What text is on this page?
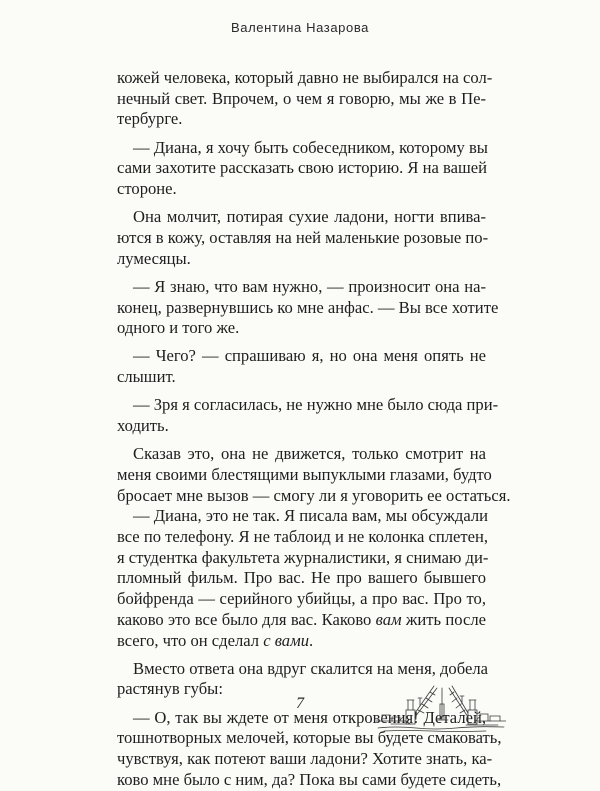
Валентина Назарова

кожей человека, который давно не выбирался на сол-
нечный свет. Впрочем, о чем я говорю, мы же в Пе-
тербурге.

— Диана, я хочу быть собеседником, которому вы
сами захотите рассказать свою историю. Я на вашей
стороне.

Она молчит, потирая сухие ладони, ногти впива-
ются в кожу, оставляя на ней маленькие розовые по-
лумесяцы.

— Я знаю, что вам нужно, — произносит она на-
конец, развернувшись ко мне анфас. — Вы все хотите
одного и того же.

— Чего? — спрашиваю я, но она меня опять не
слышит.

— Зря я согласилась, не нужно мне было сюда при-
ходить.

Сказав это, она не движется, только смотрит на
меня своими блестящими выпуклыми глазами, будто
бросает мне вызов — смогу ли я уговорить ее остаться.

— Диана, это не так. Я писала вам, мы обсуждали
все по телефону. Я не таблоид и не колонка сплетен,
я студентка факультета журналистики, я снимаю ди-
пломный фильм. Про вас. Не про вашего бывшего
бойфренда — серийного убийцы, а про вас. Про то,
каково это все было для вас. Каково вам жить после
всего, что он сделал с вами.

Вместо ответа она вдруг скалится на меня, добела
растянув губы:

— О, так вы ждете от меня откровения! Деталей,
тошнотворных мелочей, которые вы будете смаковать,
чувствуя, как потеют ваши ладони? Хотите знать, ка-
ково мне было с ним, да? Пока вы сами будете сидеть,

7
